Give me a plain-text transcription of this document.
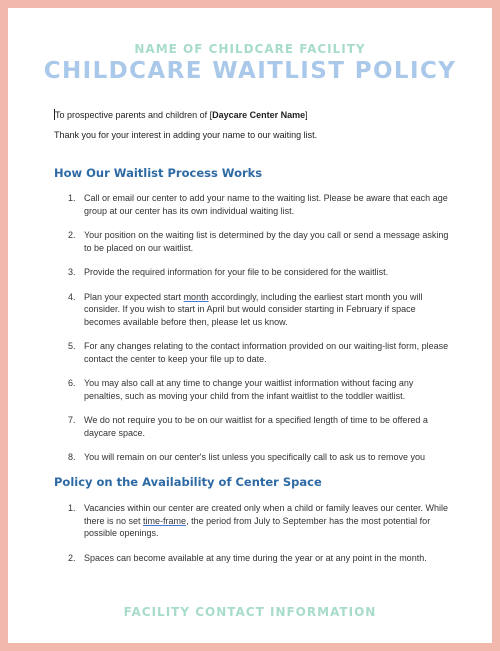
NAME OF CHILDCARE FACILITY
CHILDCARE WAITLIST POLICY
To prospective parents and children of [Daycare Center Name]
Thank you for your interest in adding your name to our waiting list.
How Our Waitlist Process Works
1. Call or email our center to add your name to the waiting list. Please be aware that each age group at our center has its own individual waiting list.
2. Your position on the waiting list is determined by the day you call or send a message asking to be placed on our waitlist.
3. Provide the required information for your file to be considered for the waitlist.
4. Plan your expected start month accordingly, including the earliest start month you will consider. If you wish to start in April but would consider starting in February if space becomes available before then, please let us know.
5. For any changes relating to the contact information provided on our waiting-list form, please contact the center to keep your file up to date.
6. You may also call at any time to change your waitlist information without facing any penalties, such as moving your child from the infant waitlist to the toddler waitlist.
7. We do not require you to be on our waitlist for a specified length of time to be offered a daycare space.
8. You will remain on our center's list unless you specifically call to ask us to remove you
Policy on the Availability of Center Space
1. Vacancies within our center are created only when a child or family leaves our center. While there is no set time-frame, the period from July to September has the most potential for possible openings.
2. Spaces can become available at any time during the year or at any point in the month.
FACILITY CONTACT INFORMATION
